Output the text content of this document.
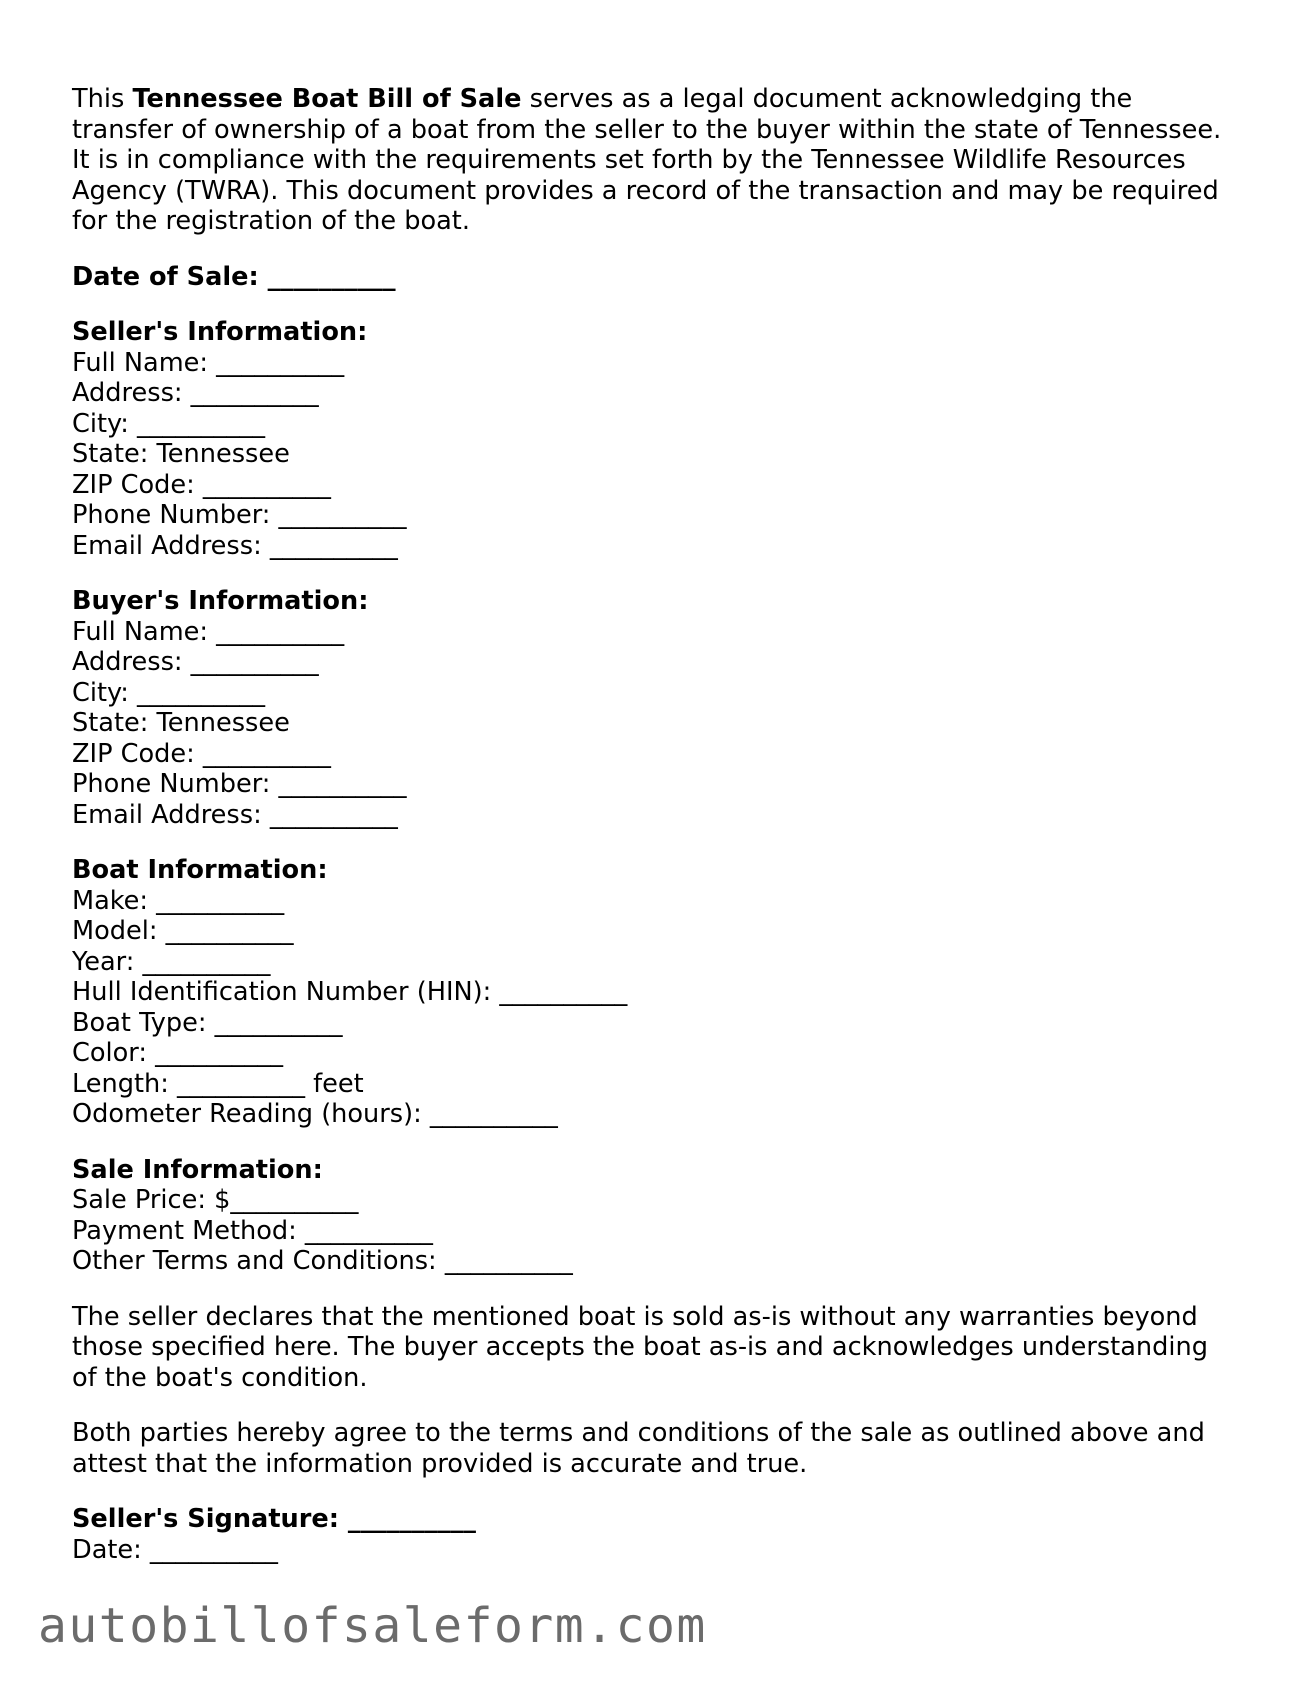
This Tennessee Boat Bill of Sale serves as a legal document acknowledging the transfer of ownership of a boat from the seller to the buyer within the state of Tennessee. It is in compliance with the requirements set forth by the Tennessee Wildlife Resources Agency (TWRA). This document provides a record of the transaction and may be required for the registration of the boat.

Date of Sale: __________
Seller's Information:
Full Name: __________
Address: __________
City: __________
State: Tennessee
ZIP Code: __________
Phone Number: __________
Email Address: __________
Buyer's Information:
Full Name: __________
Address: __________
City: __________
State: Tennessee
ZIP Code: __________
Phone Number: __________
Email Address: __________
Boat Information:
Make: __________
Model: __________
Year: __________
Hull Identification Number (HIN): __________
Boat Type: __________
Color: __________
Length: __________ feet
Odometer Reading (hours): __________
Sale Information:
Sale Price: $__________
Payment Method: __________
Other Terms and Conditions: __________

The seller declares that the mentioned boat is sold as-is without any warranties beyond those specified here. The buyer accepts the boat as-is and acknowledges understanding of the boat's condition.

Both parties hereby agree to the terms and conditions of the sale as outlined above and attest that the information provided is accurate and true.

Seller's Signature: __________
Date: __________
autobillofsaleform.com
